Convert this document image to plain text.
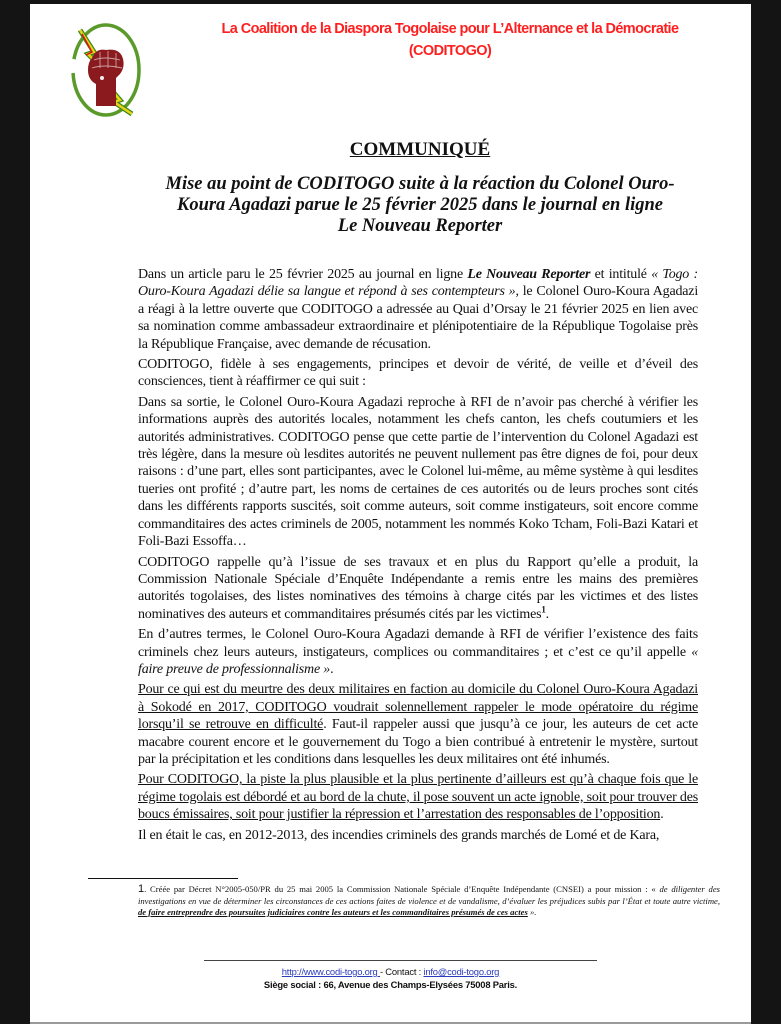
La Coalition de la Diaspora Togolaise pour L’Alternance et la Démocratie
(CODITOGO)
COMMUNIQUÉ
Mise au point de CODITOGO suite à la réaction du Colonel Ouro-
Koura Agadazi parue le 25 février 2025 dans le journal en ligne
Le Nouveau Reporter

Dans un article paru le 25 février 2025 au journal en ligne Le Nouveau Reporter et intitulé « Togo : Ouro-Koura Agadazi délie sa langue et répond à ses contempteurs », le Colonel Ouro-Koura Agadazi a réagi à la lettre ouverte que CODITOGO a adressée au Quai d’Orsay le 21 février 2025 en lien avec sa nomination comme ambassadeur extraordinaire et plénipotentiaire de la République Togolaise près la République Française, avec demande de récusation.

CODITOGO, fidèle à ses engagements, principes et devoir de vérité, de veille et d’éveil des consciences, tient à réaffirmer ce qui suit :

Dans sa sortie, le Colonel Ouro-Koura Agadazi reproche à RFI de n’avoir pas cherché à vérifier les informations auprès des autorités locales, notamment les chefs canton, les chefs coutumiers et les autorités administratives. CODITOGO pense que cette partie de l’intervention du Colonel Agadazi est très légère, dans la mesure où lesdites autorités ne peuvent nullement pas être dignes de foi, pour deux raisons : d’une part, elles sont participantes, avec le Colonel lui-même, au même système à qui lesdites tueries ont profité ; d’autre part, les noms de certaines de ces autorités ou de leurs proches sont cités dans les différents rapports suscités, soit comme auteurs, soit comme instigateurs, soit encore comme commanditaires des actes criminels de 2005, notamment les nommés Koko Tcham, Foli-Bazi Katari et Foli-Bazi Essoffa…

CODITOGO rappelle qu’à l’issue de ses travaux et en plus du Rapport qu’elle a produit, la Commission Nationale Spéciale d’Enquête Indépendante a remis entre les mains des premières autorités togolaises, des listes nominatives des témoins à charge cités par les victimes et des listes nominatives des auteurs et commanditaires présumés cités par les victimes$^1$.

En d’autres termes, le Colonel Ouro-Koura Agadazi demande à RFI de vérifier l’existence des faits criminels chez leurs auteurs, instigateurs, complices ou commanditaires ; et c’est ce qu’il appelle « faire preuve de professionnalisme ».

Pour ce qui est du meurtre des deux militaires en faction au domicile du Colonel Ouro-Koura Agadazi à Sokodé en 2017, CODITOGO voudrait solennellement rappeler le mode opératoire du régime lorsqu’il se retrouve en difficulté. Faut-il rappeler aussi que jusqu’à ce jour, les auteurs de cet acte macabre courent encore et le gouvernement du Togo a bien contribué à entretenir le mystère, surtout par la précipitation et les conditions dans lesquelles les deux militaires ont été inhumés.

Pour CODITOGO, la piste la plus plausible et la plus pertinente d’ailleurs est qu’à chaque fois que le régime togolais est débordé et au bord de la chute, il pose souvent un acte ignoble, soit pour trouver des boucs émissaires, soit pour justifier la répression et l’arrestation des responsables de l’opposition.

Il en était le cas, en 2012-2013, des incendies criminels des grands marchés de Lomé et de Kara,

1. Créée par Décret N°2005-050/PR du 25 mai 2005 la Commission Nationale Spéciale d’Enquête Indépendante (CNSEI) a pour mission : « de diligenter des investigations en vue de déterminer les circonstances de ces actions faites de violence et de vandalisme, d’évaluer les préjudices subis par l’État et toute autre victime, de faire entreprendre des poursuites judiciaires contre les auteurs et les commanditaires présumés de ces actes ».
http://www.codi-togo.org - Contact : info@codi-togo.org
Siège social : 66, Avenue des Champs-Elysées 75008 Paris.
